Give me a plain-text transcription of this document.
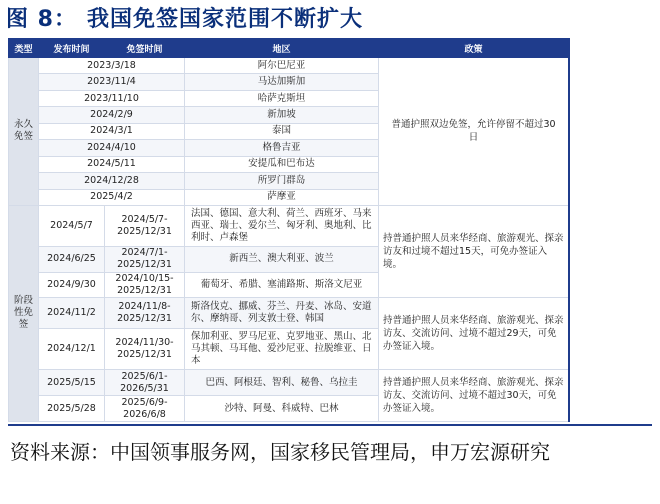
图 8： 我国免签国家范围不断扩大
类型	发布时间	免签时间	地区	政策
永久免签	2023/3/18		阿尔巴尼亚	普通护照双边免签，允许停留不超过30日
	2023/11/4		马达加斯加	
	2023/11/10		哈萨克斯坦	
	2024/2/9		新加坡	
	2024/3/1		泰国	
	2024/4/10		格鲁吉亚	
	2024/5/11		安提瓜和巴布达	
	2024/12/28		所罗门群岛	
	2025/4/2		萨摩亚	
阶段性免签	2024/5/7	2024/5/7-2025/12/31	法国、德国、意大利、荷兰、西班牙、马来西亚、瑞士、爱尔兰、匈牙利、奥地利、比利时、卢森堡	持普通护照人员来华经商、旅游观光、探亲访友和过境不超过15天，可免办签证入境。
	2024/6/25	2024/7/1-2025/12/31	新西兰、澳大利亚、波兰	
	2024/9/30	2024/10/15-2025/12/31	葡萄牙、希腊、塞浦路斯、斯洛文尼亚	
	2024/11/2	2024/11/8-2025/12/31	斯洛伐克、挪威、芬兰、丹麦、冰岛、安道尔、摩纳哥、列支敦士登、韩国	持普通护照人员来华经商、旅游观光、探亲访友、交流访问、过境不超过29天，可免办签证入境。
	2024/12/1	2024/11/30-2025/12/31	保加利亚、罗马尼亚、克罗地亚、黑山、北马其顿、马耳他、爱沙尼亚、拉脱维亚、日本	
	2025/5/15	2025/6/1-2026/5/31	巴西、阿根廷、智利、秘鲁、乌拉圭	持普通护照人员来华经商、旅游观光、探亲访友、交流访问、过境不超过30天，可免办签证入境。
	2025/5/28	2025/6/9-2026/6/8	沙特、阿曼、科威特、巴林	
资料来源：中国领事服务网，国家移民管理局，申万宏源研究
